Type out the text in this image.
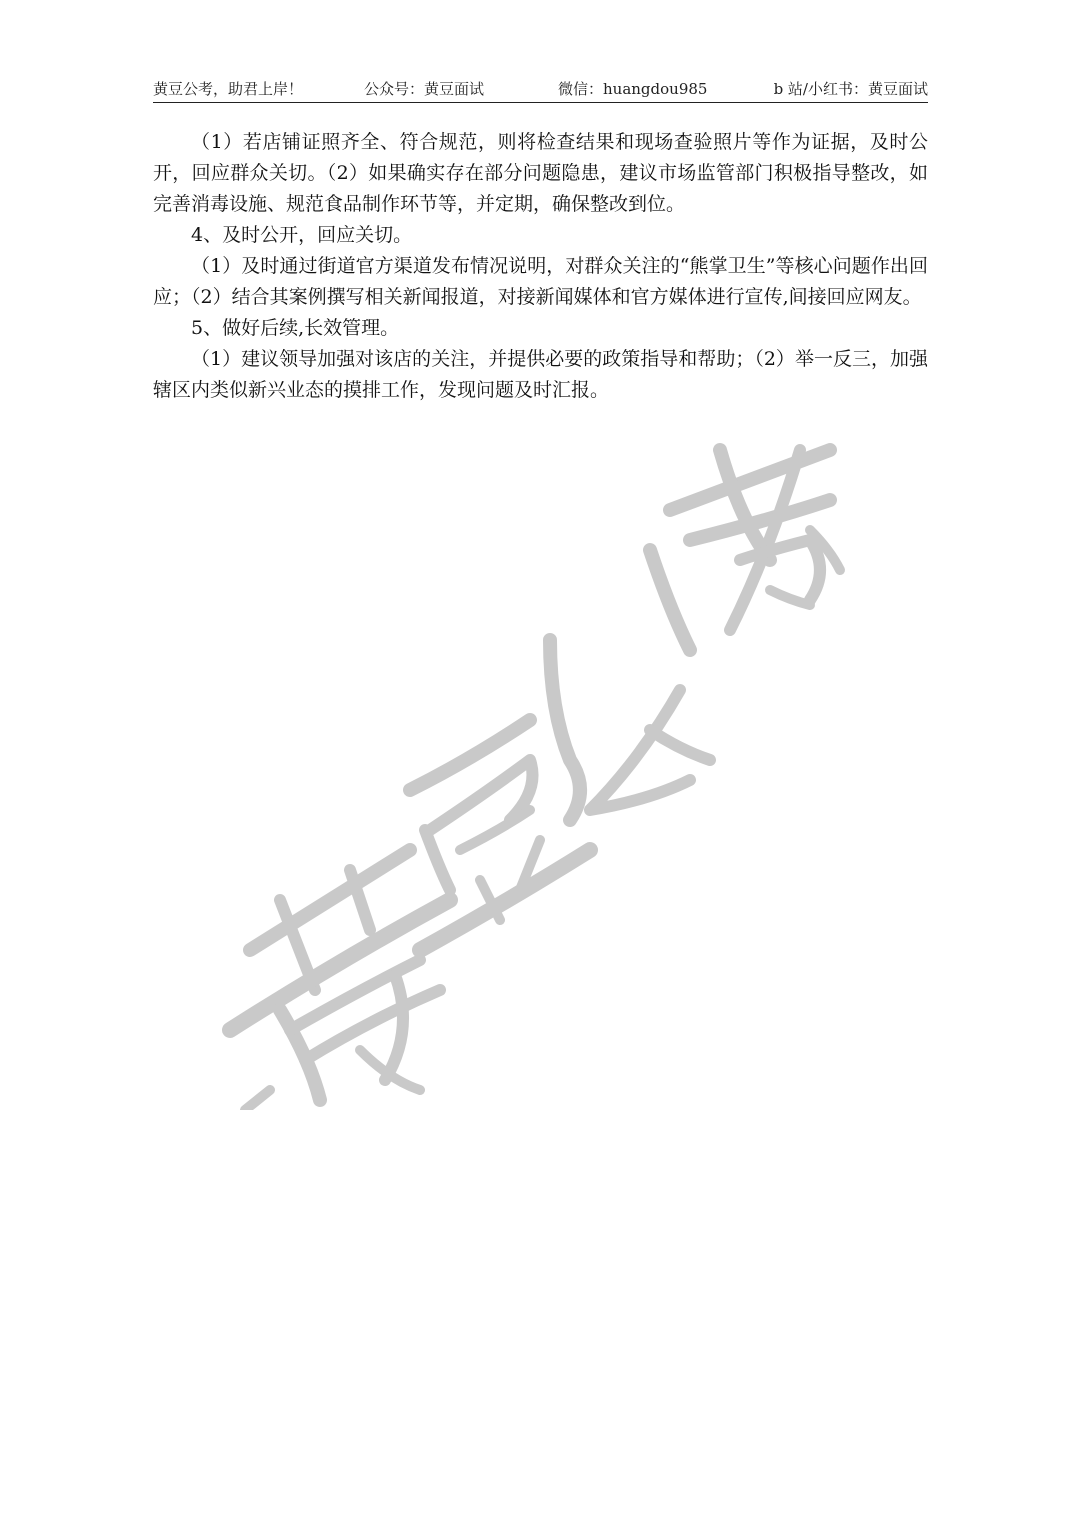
黄豆公考，助君上岸！	公众号：黄豆面试	微信：huangdou985	b 站/小红书：黄豆面试

（1）若店铺证照齐全、符合规范，则将检查结果和现场查验照片等作为证据，及时公开，回应群众关切。（2）如果确实存在部分问题隐患，建议市场监管部门积极指导整改，如完善消毒设施、规范食品制作环节等，并定期，确保整改到位。

4、及时公开，回应关切。

（1）及时通过街道官方渠道发布情况说明，对群众关注的“熊掌卫生”等核心问题作出回应；（2）结合其案例撰写相关新闻报道，对接新闻媒体和官方媒体进行宣传,间接回应网友。

5、做好后续,长效管理。

（1）建议领导加强对该店的关注，并提供必要的政策指导和帮助；（2）举一反三，加强辖区内类似新兴业态的摸排工作，发现问题及时汇报。
